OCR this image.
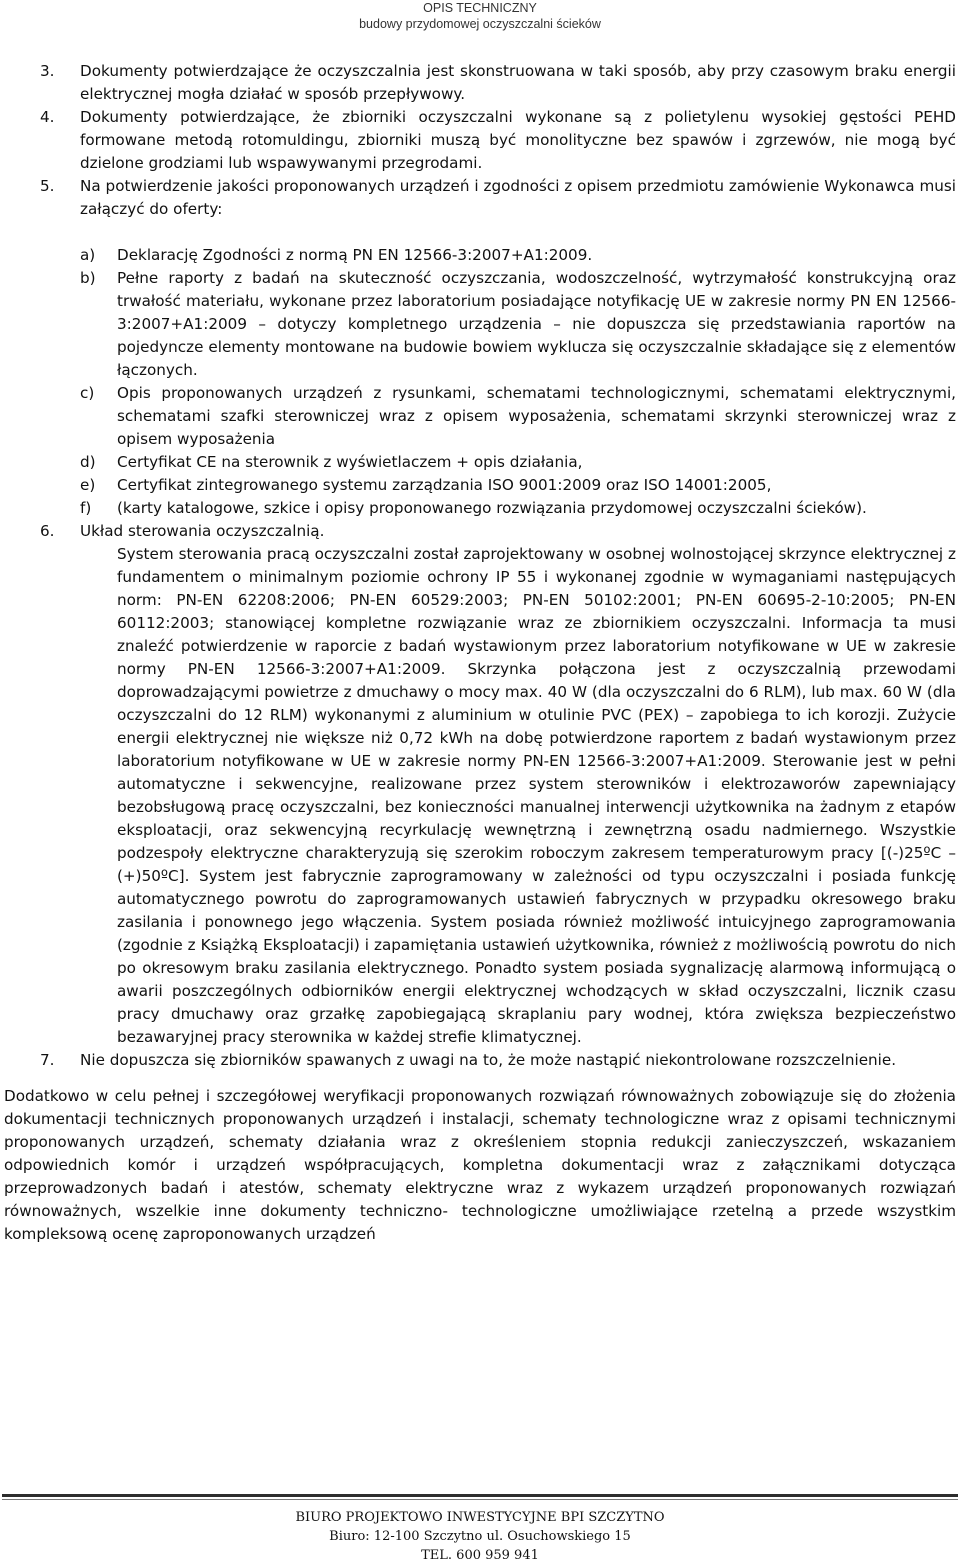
OPIS TECHNICZNY
budowy przydomowej oczyszczalni ścieków
3. Dokumenty potwierdzające że oczyszczalnia jest skonstruowana w taki sposób, aby przy czasowym braku energii elektrycznej mogła działać w sposób przepływowy.
4. Dokumenty potwierdzające, że zbiorniki oczyszczalni wykonane są z polietylenu wysokiej gęstości PEHD formowane metodą rotomuldingu, zbiorniki muszą być monolityczne bez spawów i zgrzewów, nie mogą być dzielone grodziami lub wspawywanymi przegrodami.
5. Na potwierdzenie jakości proponowanych urządzeń i zgodności z opisem przedmiotu zamówienie Wykonawca musi załączyć do oferty:
a) Deklarację Zgodności z normą PN EN 12566-3:2007+A1:2009.
b) Pełne raporty z badań na skuteczność oczyszczania, wodoszczelność, wytrzymałość konstrukcyjną oraz trwałość materiału, wykonane przez laboratorium posiadające notyfikację UE w zakresie normy PN EN 12566-3:2007+A1:2009 – dotyczy kompletnego urządzenia – nie dopuszcza się przedstawiania raportów na pojedyncze elementy montowane na budowie bowiem wyklucza się oczyszczalnie składające się z elementów łączonych.
c) Opis proponowanych urządzeń z rysunkami, schematami technologicznymi, schematami elektrycznymi, schematami szafki sterowniczej wraz z opisem wyposażenia, schematami skrzynki sterowniczej wraz z opisem wyposażenia
d) Certyfikat CE na sterownik z wyświetlaczem + opis działania,
e) Certyfikat zintegrowanego systemu zarządzania ISO 9001:2009 oraz ISO 14001:2005,
f) (karty katalogowe, szkice i opisy proponowanego rozwiązania przydomowej oczyszczalni ścieków).
6. Układ sterowania oczyszczalnią.
System sterowania pracą oczyszczalni został zaprojektowany w osobnej wolnostojącej skrzynce elektrycznej z fundamentem o minimalnym poziomie ochrony IP 55 i wykonanej zgodnie w wymaganiami następujących norm: PN-EN 62208:2006; PN-EN 60529:2003; PN-EN 50102:2001; PN-EN 60695-2-10:2005; PN-EN 60112:2003; stanowiącej kompletne rozwiązanie wraz ze zbiornikiem oczyszczalni. Informacja ta musi znaleźć potwierdzenie w raporcie z badań wystawionym przez laboratorium notyfikowane w UE w zakresie normy PN-EN 12566-3:2007+A1:2009. Skrzynka połączona jest z oczyszczalnią przewodami doprowadzającymi powietrze z dmuchawy o mocy max. 40 W (dla oczyszczalni do 6 RLM), lub max. 60 W (dla oczyszczalni do 12 RLM) wykonanymi z aluminium w otulinie PVC (PEX) – zapobiega to ich korozji. Zużycie energii elektrycznej nie większe niż 0,72 kWh na dobę potwierdzone raportem z badań wystawionym przez laboratorium notyfikowane w UE w zakresie normy PN-EN 12566-3:2007+A1:2009. Sterowanie jest w pełni automatyczne i sekwencyjne, realizowane przez system sterowników i elektrozaworów zapewniający bezobsługową pracę oczyszczalni, bez konieczności manualnej interwencji użytkownika na żadnym z etapów eksploatacji, oraz sekwencyjną recyrkulację wewnętrzną i zewnętrzną osadu nadmiernego. Wszystkie podzespoły elektryczne charakteryzują się szerokim roboczym zakresem temperaturowym pracy [(-)25ºC – (+)50ºC]. System jest fabrycznie zaprogramowany w zależności od typu oczyszczalni i posiada funkcję automatycznego powrotu do zaprogramowanych ustawień fabrycznych w przypadku okresowego braku zasilania i ponownego jego włączenia. System posiada również możliwość intuicyjnego zaprogramowania (zgodnie z Książką Eksploatacji) i zapamiętania ustawień użytkownika, również z możliwością powrotu do nich po okresowym braku zasilania elektrycznego. Ponadto system posiada sygnalizację alarmową informującą o awarii poszczególnych odbiorników energii elektrycznej wchodzących w skład oczyszczalni, licznik czasu pracy dmuchawy oraz grzałkę zapobiegającą skraplaniu pary wodnej, która zwiększa bezpieczeństwo bezawaryjnej pracy sterownika w każdej strefie klimatycznej.
7. Nie dopuszcza się zbiorników spawanych z uwagi na to, że może nastąpić niekontrolowane rozszczelnienie.
Dodatkowo w celu pełnej i szczegółowej weryfikacji proponowanych rozwiązań równoważnych zobowiązuje się do złożenia dokumentacji technicznych proponowanych urządzeń i instalacji, schematy technologiczne wraz z opisami technicznymi proponowanych urządzeń, schematy działania wraz z określeniem stopnia redukcji zanieczyszczeń, wskazaniem odpowiednich komór i urządzeń współpracujących, kompletna dokumentacji wraz z załącznikami dotycząca przeprowadzonych badań i atestów, schematy elektryczne wraz z wykazem urządzeń proponowanych rozwiązań równoważnych, wszelkie inne dokumenty techniczno- technologiczne umożliwiające rzetelną a przede wszystkim kompleksową ocenę zaproponowanych urządzeń
BIURO PROJEKTOWO INWESTYCYJNE BPI SZCZYTNO
Biuro: 12-100 Szczytno ul. Osuchowskiego 15
TEL. 600 959 941
